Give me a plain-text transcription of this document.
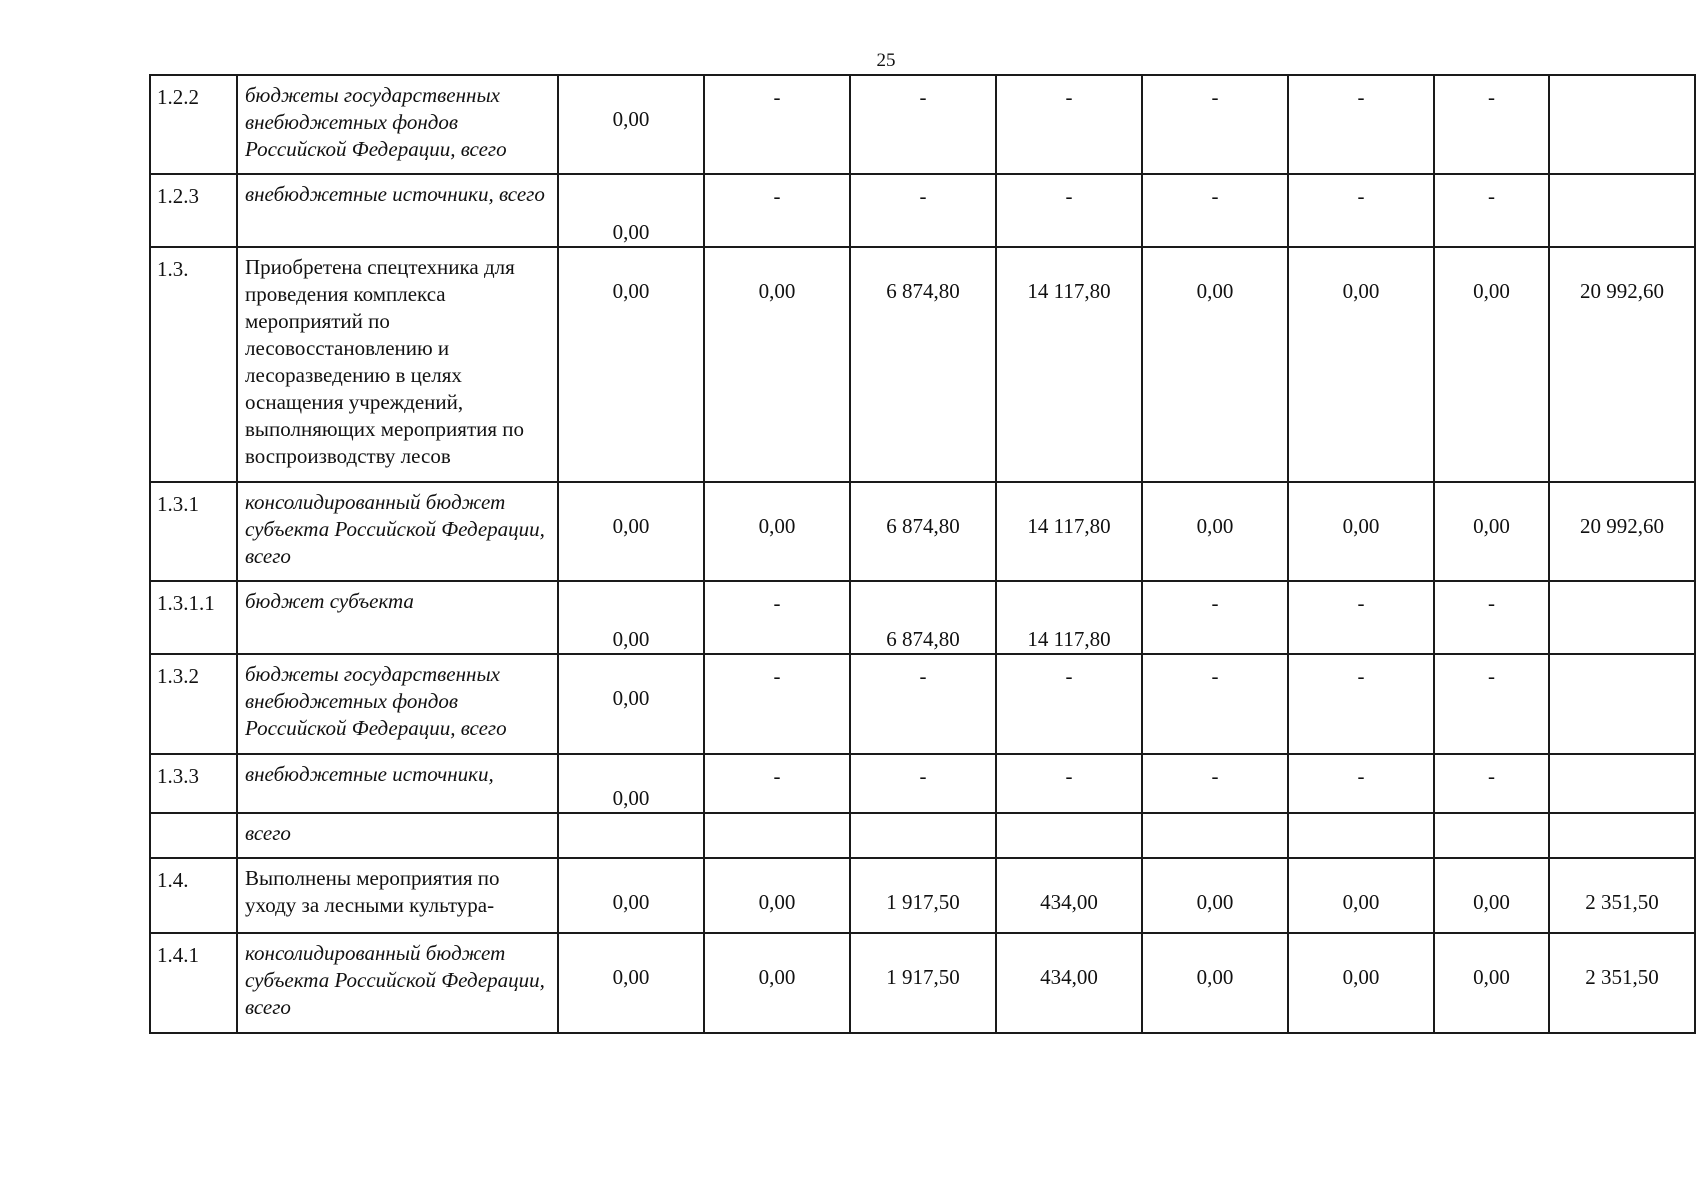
25
1.2.2	бюджеты государственных внебюджетных фондов Российской Федерации, всего	0,00	-	-	-	-	-	-	
1.2.3	внебюджетные источники, всего	0,00	-	-	-	-	-	-	
1.3.	Приобретена спецтехника для проведения комплекса мероприятий по лесовосстановлению и лесоразведению в целях оснащения учреждений, выполняющих мероприятия по воспроизводству лесов	0,00	0,00	6 874,80	14 117,80	0,00	0,00	0,00	20 992,60
1.3.1	консолидированный бюджет субъекта Российской Федерации, всего	0,00	0,00	6 874,80	14 117,80	0,00	0,00	0,00	20 992,60
1.3.1.1	бюджет субъекта	0,00	-	6 874,80	14 117,80	-	-	-	
1.3.2	бюджеты государственных внебюджетных фондов Российской Федерации, всего	0,00	-	-	-	-	-	-	
1.3.3	внебюджетные источники,	0,00	-	-	-	-	-	-	
	всего								
1.4.	Выполнены мероприятия по уходу за лесными культура-	0,00	0,00	1 917,50	434,00	0,00	0,00	0,00	2 351,50
1.4.1	консолидированный бюджет субъекта Российской Федерации, всего	0,00	0,00	1 917,50	434,00	0,00	0,00	0,00	2 351,50
